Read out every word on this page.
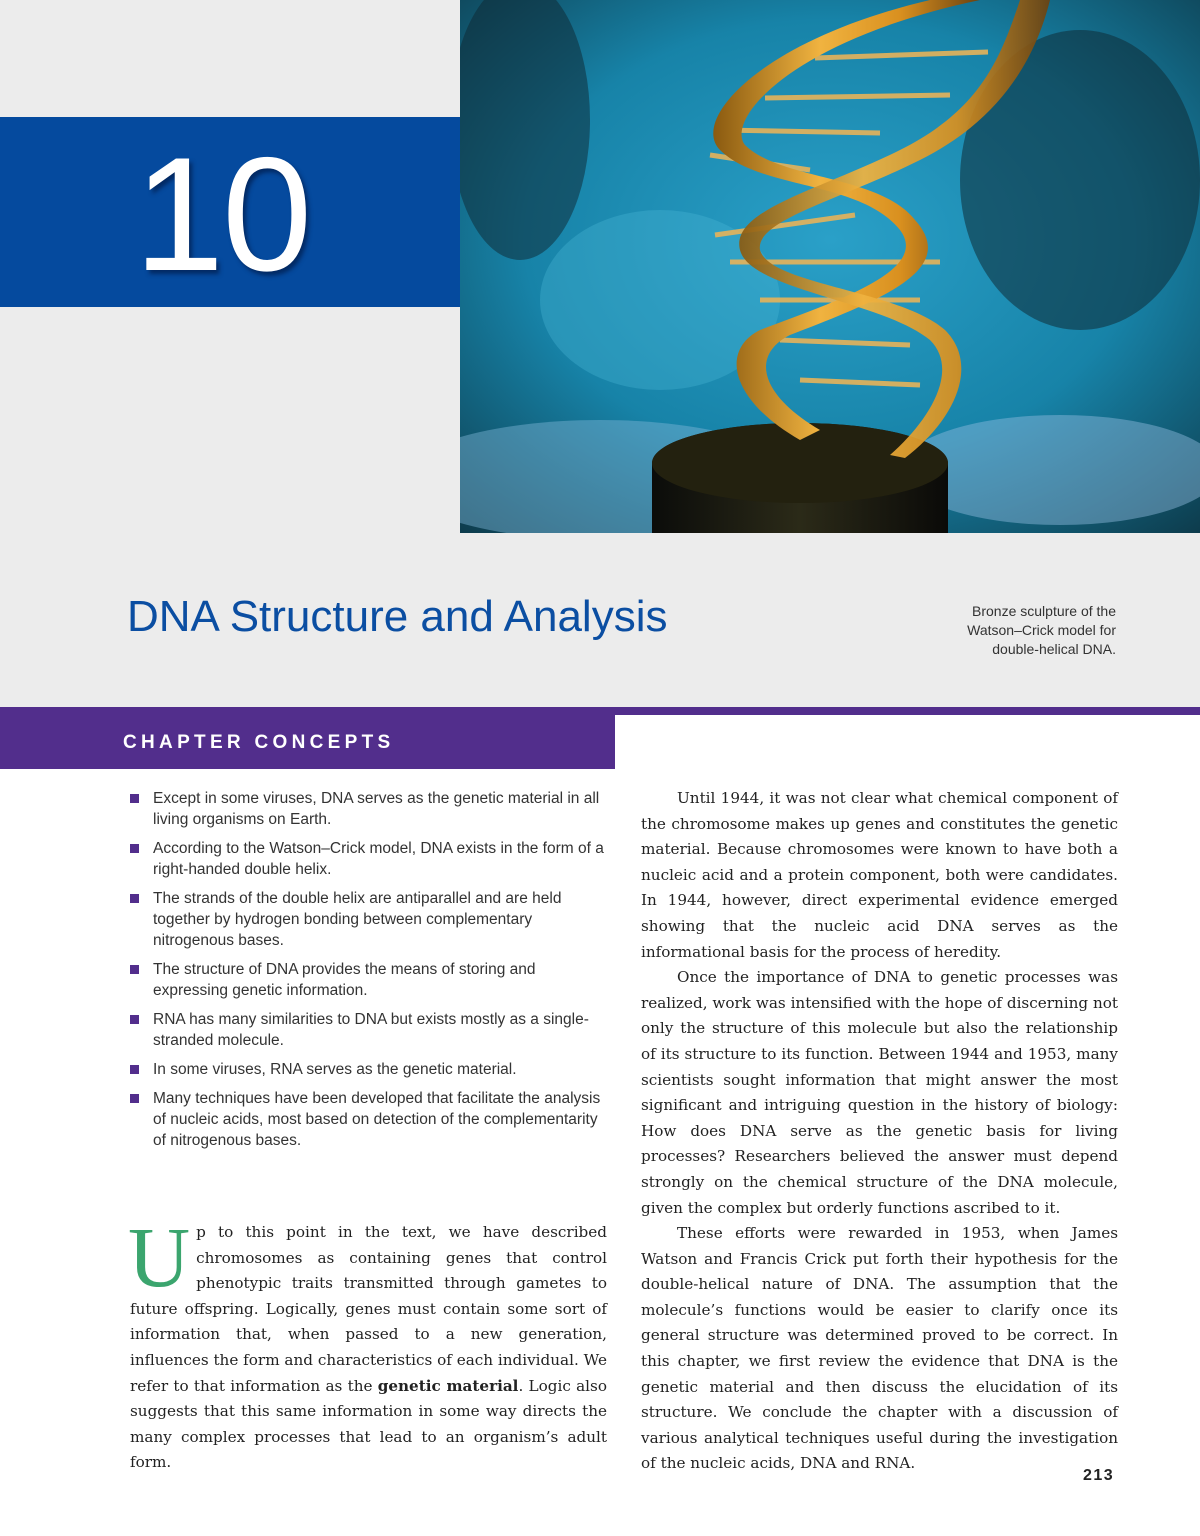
10
DNA Structure and Analysis	Bronze sculpture of the
Watson–Crick model for
double-helical DNA.
CHAPTER CONCEPTS
Except in some viruses, DNA serves as the genetic material in all living organisms on Earth.
According to the Watson–Crick model, DNA exists in the form of a right-handed double helix.
The strands of the double helix are antiparallel and are held together by hydrogen bonding between complementary nitrogenous bases.
The structure of DNA provides the means of storing and expressing genetic information.
RNA has many similarities to DNA but exists mostly as a single-stranded molecule.
In some viruses, RNA serves as the genetic material.
Many techniques have been developed that facilitate the analysis of nucleic acids, most based on detection of the complementarity of nitrogenous bases.

Up to this point in the text, we have described chromosomes as containing genes that control phenotypic traits transmitted through gametes to future offspring. Logically, genes must contain some sort of information that, when passed to a new generation, influences the form and characteristics of each individual. We refer to that information as the genetic material. Logic also suggests that this same information in some way directs the many complex processes that lead to an organism’s adult form.

Until 1944, it was not clear what chemical component of the chromosome makes up genes and constitutes the genetic material. Because chromosomes were known to have both a nucleic acid and a protein component, both were candidates. In 1944, however, direct experimental evidence emerged showing that the nucleic acid DNA serves as the informational basis for the process of heredity.

Once the importance of DNA to genetic processes was realized, work was intensified with the hope of discerning not only the structure of this molecule but also the relationship of its structure to its function. Between 1944 and 1953, many scientists sought information that might answer the most significant and intriguing question in the history of biology: How does DNA serve as the genetic basis for living processes? Researchers believed the answer must depend strongly on the chemical structure of the DNA molecule, given the complex but orderly functions ascribed to it.

These efforts were rewarded in 1953, when James Watson and Francis Crick put forth their hypothesis for the double-helical nature of DNA. The assumption that the molecule’s functions would be easier to clarify once its general structure was determined proved to be correct. In this chapter, we first review the evidence that DNA is the genetic material and then discuss the elucidation of its structure. We conclude the chapter with a discussion of various analytical techniques useful during the investigation of the nucleic acids, DNA and RNA.

213
